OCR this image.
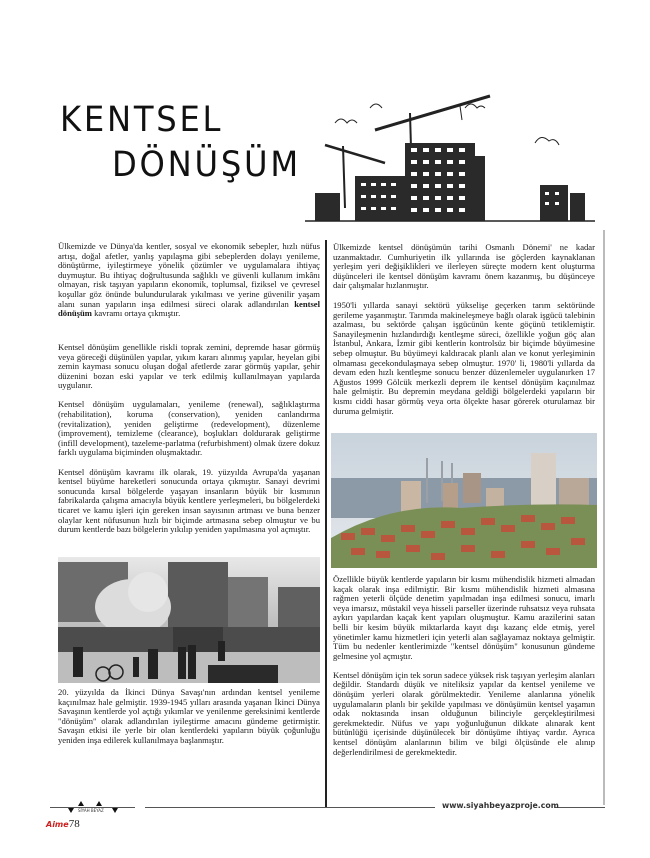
KENTSEL
DÖNÜŞÜM

Ülkemizde ve Dünya'da kentler, sosyal ve ekonomik sebepler, hızlı nüfus artışı, doğal afetler, yanlış yapılaşma gibi sebeplerden dolayı yenileme, dönüştürme, iyileştirmeye yönelik çözümler ve uygulamalara ihtiyaç duymuştur. Bu ihtiyaç doğrultusunda sağlıklı ve güvenli kullanım imkânı olmayan, risk taşıyan yapıların ekonomik, toplumsal, fiziksel ve çevresel koşullar göz önünde bulundurularak yıkılması ve yerine güvenilir yaşam alanı sunan yapıların inşa edilmesi süreci olarak adlandırılan kentsel dönüşüm kavramı ortaya çıkmıştır.

Kentsel dönüşüm genellikle riskli toprak zemini, depremde hasar görmüş veya göreceği düşünülen yapılar, yıkım kararı alınmış yapılar, heyelan gibi zemin kayması sonucu oluşan doğal afetlerde zarar görmüş yapılar, şehir düzenini bozan eski yapılar ve terk edilmiş kullanılmayan yapılarda uygulanır.

Kentsel dönüşüm uygulamaları, yenileme (renewal), sağlıklaştırma (rehabilitation), koruma (conservation), yeniden canlandırma (revitalization), yeniden geliştirme (redevelopment), düzenleme (improvement), temizleme (clearance), boşlukları doldurarak geliştirme (infill development), tazeleme-parlatma (refurbishment) olmak üzere dokuz farklı uygulama biçiminden oluşmaktadır.

Kentsel dönüşüm kavramı ilk olarak, 19. yüzyılda Avrupa'da yaşanan kentsel büyüme hareketleri sonucunda ortaya çıkmıştır. Sanayi devrimi sonucunda kırsal bölgelerde yaşayan insanların büyük bir kısmının fabrikalarda çalışma amacıyla büyük kentlere yerleşmeleri, bu bölgelerdeki ticaret ve kamu işleri için gereken insan sayısının artması ve buna benzer olaylar kent nüfusunun hızlı bir biçimde artmasına sebep olmuştur ve bu durum kentlerde bazı bölgelerin yıkılıp yeniden yapılmasına yol açmıştır.

20. yüzyılda da İkinci Dünya Savaşı'nın ardından kentsel yenileme kaçınılmaz hale gelmiştir. 1939-1945 yılları arasında yaşanan İkinci Dünya Savaşının kentlerde yol açtığı yıkımlar ve yenilenme gereksinimi kentlerde "dönüşüm" olarak adlandırılan iyileştirme amacını gündeme getirmiştir. Savaşın etkisi ile yerle bir olan kentlerdeki yapıların büyük çoğunluğu yeniden inşa edilerek kullanılmaya başlanmıştır.

Ülkemizde kentsel dönüşümün tarihi Osmanlı Dönemi' ne kadar uzanmaktadır. Cumhuriyetin ilk yıllarında ise göçlerden kaynaklanan yerleşim yeri değişiklikleri ve ilerleyen süreçte modern kent oluşturma düşünceleri ile kentsel dönüşüm kavramı önem kazanmış, bu düşünceye dair çalışmalar hızlanmıştır.

1950'li yıllarda sanayi sektörü yükselişe geçerken tarım sektöründe gerileme yaşanmıştır. Tarımda makineleşmeye bağlı olarak işgücü talebinin azalması, bu sektörde çalışan işgücünün kente göçünü tetiklemiştir. Sanayileşmenin hızlandırdığı kentleşme süreci, özellikle yoğun göç alan İstanbul, Ankara, İzmir gibi kentlerin kontrolsüz bir biçimde büyümesine sebep olmuştur. Bu büyümeyi kaldıracak planlı alan ve konut yerleşiminin olmaması gecekondulaşmaya sebep olmuştur. 1970' li, 1980'li yıllarda da devam eden hızlı kentleşme sonucu benzer düzenlemeler uygulanırken 17 Ağustos 1999 Gölcük merkezli deprem ile kentsel dönüşüm kaçınılmaz hale gelmiştir. Bu depremin meydana geldiği bölgelerdeki yapıların bir kısmı ciddi hasar görmüş veya orta ölçekte hasar görerek oturulamaz bir duruma gelmiştir.

Özellikle büyük kentlerde yapıların bir kısmı mühendislik hizmeti almadan kaçak olarak inşa edilmiştir. Bir kısmı mühendislik hizmeti almasına rağmen yeterli ölçüde denetim yapılmadan inşa edilmesi sonucu, imarlı veya imarsız, müstakil veya hisseli parseller üzerinde ruhsatsız veya ruhsata aykırı yapılardan kaçak kent yapıları oluşmuştur. Kamu arazilerini satan belli bir kesim büyük miktarlarda kayıt dışı kazanç elde etmiş, yerel yönetimler kamu hizmetleri için yeterli alan sağlayamaz noktaya gelmiştir. Tüm bu nedenler kentlerimizde "kentsel dönüşüm" konusunun gündeme gelmesine yol açmıştır.

Kentsel dönüşüm için tek sorun sadece yüksek risk taşıyan yerleşim alanları değildir. Standardı düşük ve niteliksiz yapılar da kentsel yenileme ve dönüşüm yerleri olarak görülmektedir. Yenileme alanlarına yönelik uygulamaların planlı bir şekilde yapılması ve dönüşümün kentsel yaşamın odak noktasında insan olduğunun bilinciyle gerçekleştirilmesi gerekmektedir. Nüfus ve yapı yoğunluğunun dikkate alınarak kent bütünlüğü içerisinde düşünülecek bir dönüşüme ihtiyaç vardır. Ayrıca kentsel dönüşüm alanlarının bilim ve bilgi ölçüsünde ele alınıp değerlendirilmesi de gerekmektedir.

SİYAH BEYAZ
Aime78
www.siyahbeyazproje.com
